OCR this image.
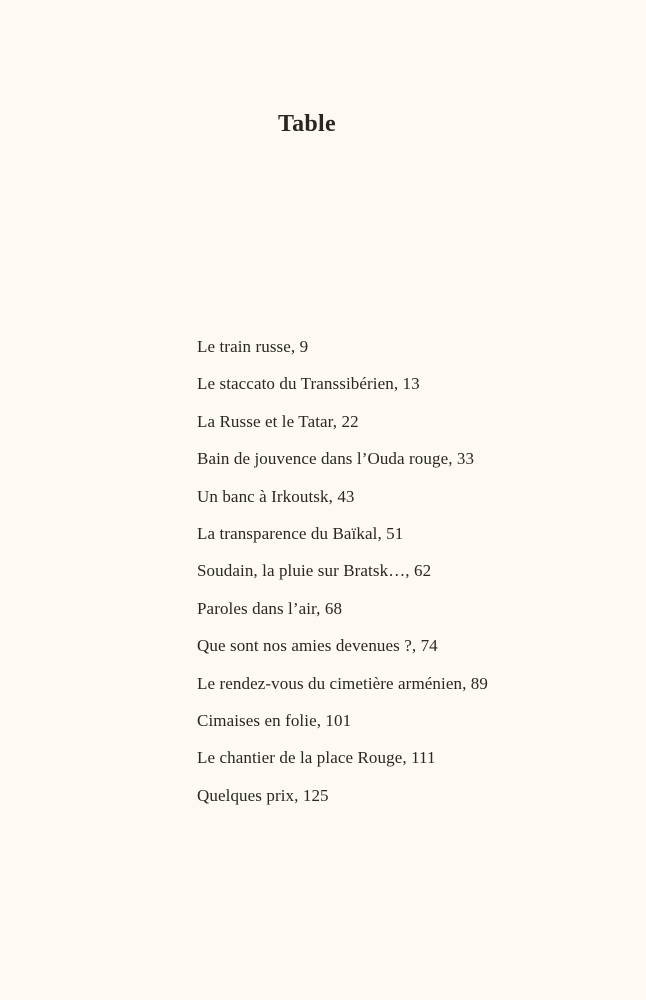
Table
Le train russe, 9
Le staccato du Transsibérien, 13
La Russe et le Tatar, 22
Bain de jouvence dans l’Ouda rouge, 33
Un banc à Irkoutsk, 43
La transparence du Baïkal, 51
Soudain, la pluie sur Bratsk…, 62
Paroles dans l’air, 68
Que sont nos amies devenues ?, 74
Le rendez-vous du cimetière arménien, 89
Cimaises en folie, 101
Le chantier de la place Rouge, 111
Quelques prix, 125
